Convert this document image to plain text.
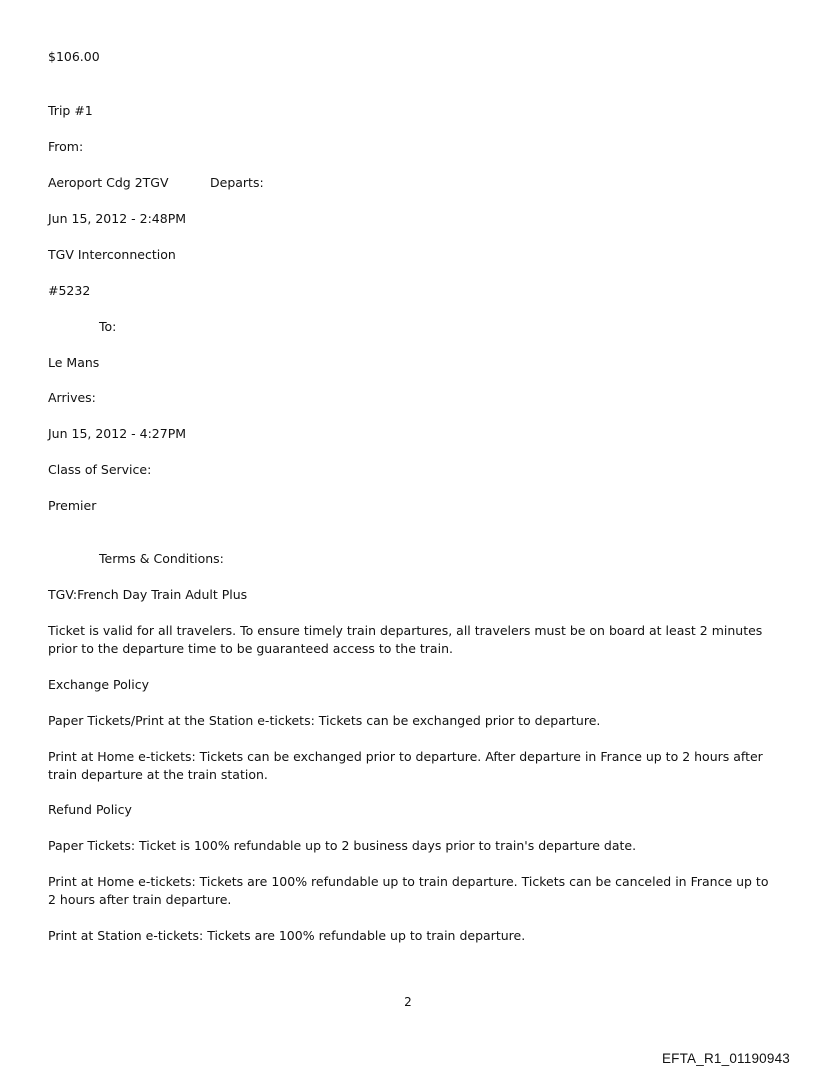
$106.00
Trip #1
From:
Aeroport Cdg 2TGV	Departs:
Jun 15, 2012 - 2:48PM
TGV Interconnection
#5232
To:
Le Mans
Arrives:
Jun 15, 2012 - 4:27PM
Class of Service:
Premier
Terms & Conditions:
TGV:French Day Train Adult Plus
Ticket is valid for all travelers. To ensure timely train departures, all travelers must be on board at least 2 minutes prior to the departure time to be guaranteed access to the train.
Exchange Policy
Paper Tickets/Print at the Station e-tickets: Tickets can be exchanged prior to departure.
Print at Home e-tickets: Tickets can be exchanged prior to departure. After departure in France up to 2 hours after train departure at the train station.
Refund Policy
Paper Tickets: Ticket is 100% refundable up to 2 business days prior to train's departure date.
Print at Home e-tickets: Tickets are 100% refundable up to train departure. Tickets can be canceled in France up to 2 hours after train departure.
Print at Station e-tickets: Tickets are 100% refundable up to train departure.
2
EFTA_R1_01190943
